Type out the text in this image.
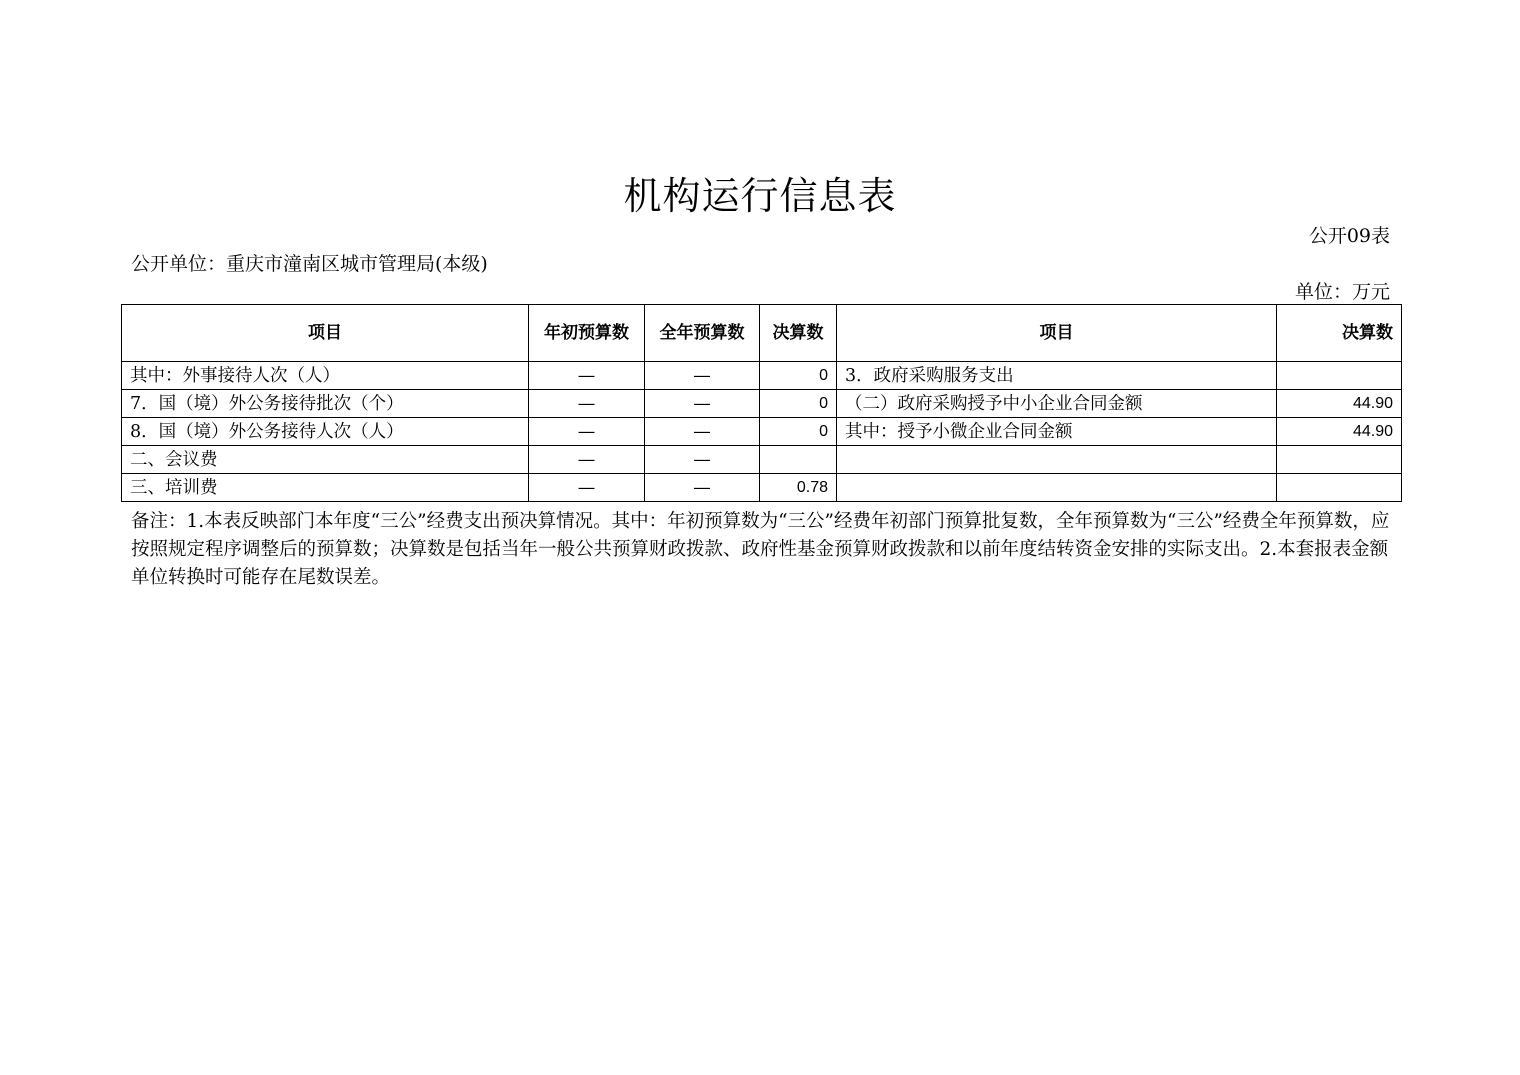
机构运行信息表
公开09表
公开单位：重庆市潼南区城市管理局(本级)
单位：万元
项目	年初预算数	全年预算数	决算数	项目	决算数
其中：外事接待人次（人）	—	—	0	3．政府采购服务支出	
7．国（境）外公务接待批次（个）	—	—	0	（二）政府采购授予中小企业合同金额	44.90
8．国（境）外公务接待人次（人）	—	—	0	其中：授予小微企业合同金额	44.90
二、会议费	—	—			
三、培训费	—	—	0.78		
备注：1.本表反映部门本年度“三公”经费支出预决算情况。其中：年初预算数为“三公”经费年初部门预算批复数，全年预算数为“三公”经费全年预算数，应按照规定程序调整后的预算数；决算数是包括当年一般公共预算财政拨款、政府性基金预算财政拨款和以前年度结转资金安排的实际支出。2.本套报表金额单位转换时可能存在尾数误差。
